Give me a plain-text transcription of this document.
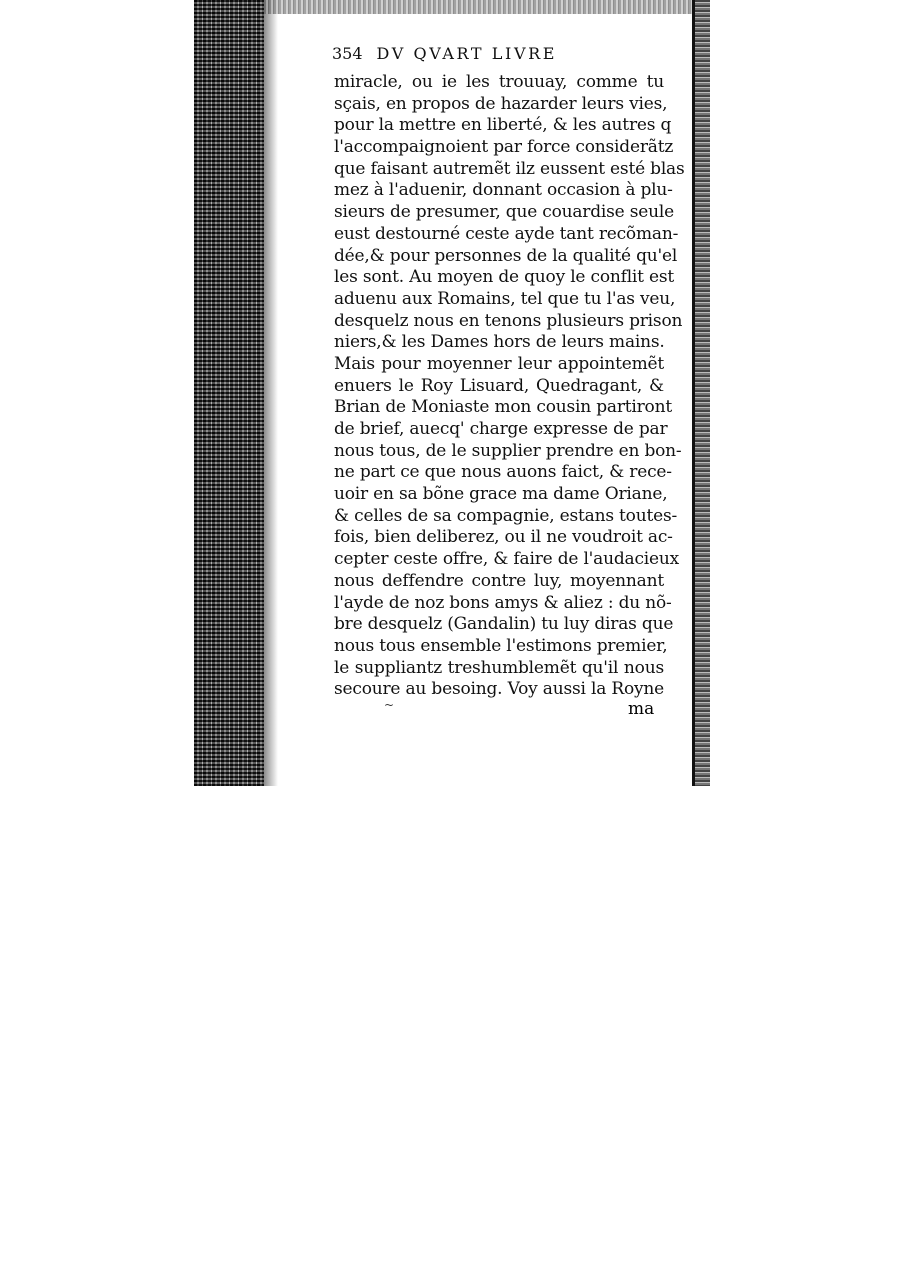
354 DV QVART LIVRE
miracle, ou ie les trouuay, comme tu
sçais, en propos de hazarder leurs vies,
pour la mettre en liberté, & les autres q
l'accompaignoient par force considerãtz
que faisant autremẽt ilz eussent esté blas
mez à l'aduenir, donnant occasion à plu-
sieurs de presumer, que couardise seule
eust destourné ceste ayde tant recõman-
dée,& pour personnes de la qualité qu'el
les sont. Au moyen de quoy le conflit est
aduenu aux Romains, tel que tu l'as veu,
desquelz nous en tenons plusieurs prison
niers,& les Dames hors de leurs mains.
Mais pour moyenner leur appointemẽt
enuers le Roy Lisuard, Quedragant, &
Brian de Moniaste mon cousin partiront
de brief, auecq' charge expresse de par
nous tous, de le supplier prendre en bon-
ne part ce que nous auons faict, & rece-
uoir en sa bõne grace ma dame Oriane,
& celles de sa compagnie, estans toutes-
fois, bien deliberez, ou il ne voudroit ac-
cepter ceste offre, & faire de l'audacieux
nous deffendre contre luy, moyennant
l'ayde de noz bons amys & aliez : du nõ-
bre desquelz (Gandalin) tu luy diras que
nous tous ensemble l'estimons premier,
le suppliantz treshumblemẽt qu'il nous
secoure au besoing. Voy aussi la Royne
~	ma
